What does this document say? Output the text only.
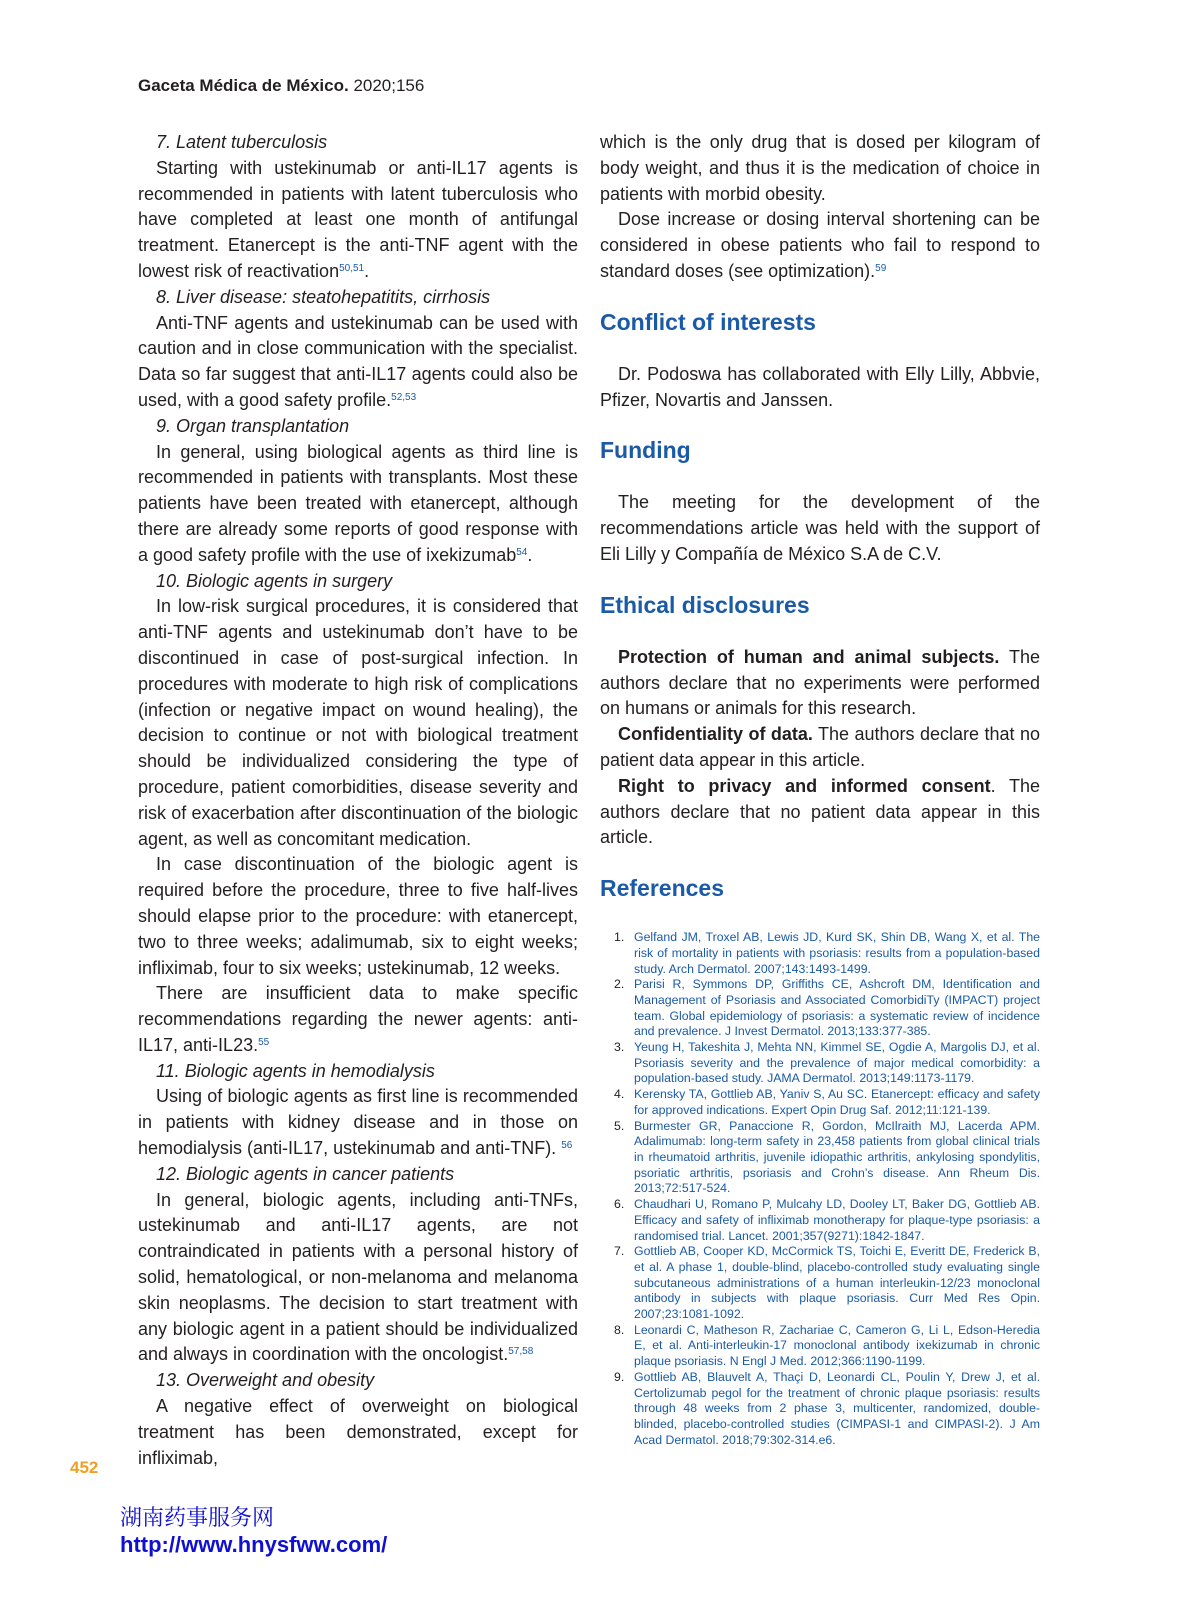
Gaceta Médica de México. 2020;156

7. Latent tuberculosis

Starting with ustekinumab or anti-IL17 agents is recommended in patients with latent tuberculosis who have completed at least one month of antifungal treatment. Etanercept is the anti-TNF agent with the lowest risk of reactivation$^{50,51}$.

8. Liver disease: steatohepatitits, cirrhosis

Anti-TNF agents and ustekinumab can be used with caution and in close communication with the specialist. Data so far suggest that anti-IL17 agents could also be used, with a good safety profile.$^{52,53}$

9. Organ transplantation

In general, using biological agents as third line is recommended in patients with transplants. Most these patients have been treated with etanercept, although there are already some reports of good response with a good safety profile with the use of ixekizumab$^{54}$.

10. Biologic agents in surgery

In low-risk surgical procedures, it is considered that anti-TNF agents and ustekinumab don’t have to be discontinued in case of post-surgical infection. In procedures with moderate to high risk of complications (infection or negative impact on wound healing), the decision to continue or not with biological treatment should be individualized considering the type of procedure, patient comorbidities, disease severity and risk of exacerbation after discontinuation of the biologic agent, as well as concomitant medication.

In case discontinuation of the biologic agent is required before the procedure, three to five half-lives should elapse prior to the procedure: with etanercept, two to three weeks; adalimumab, six to eight weeks; infliximab, four to six weeks; ustekinumab, 12 weeks.

There are insufficient data to make specific recommendations regarding the newer agents: anti-IL17, anti-IL23.55

11. Biologic agents in hemodialysis

Using of biologic agents as first line is recommended in patients with kidney disease and in those on hemodialysis (anti-IL17, ustekinumab and anti-TNF). $^{56}$

12. Biologic agents in cancer patients

In general, biologic agents, including anti-TNFs, ustekinumab and anti-IL17 agents, are not contraindicated in patients with a personal history of solid, hematological, or non-melanoma and melanoma skin neoplasms. The decision to start treatment with any biologic agent in a patient should be individualized and always in coordination with the oncologist.$^{57,58}$

13. Overweight and obesity

A negative effect of overweight on biological treatment has been demonstrated, except for infliximab,

which is the only drug that is dosed per kilogram of body weight, and thus it is the medication of choice in patients with morbid obesity.

Dose increase or dosing interval shortening can be considered in obese patients who fail to respond to standard doses (see optimization).$^{59}$

Conflict of interests

Dr. Podoswa has collaborated with Elly Lilly, Abbvie, Pfizer, Novartis and Janssen.

Funding

The meeting for the development of the recommendations article was held with the support of Eli Lilly y Compañía de México S.A de C.V.

Ethical disclosures

Protection of human and animal subjects. The authors declare that no experiments were performed on humans or animals for this research.

Confidentiality of data. The authors declare that no patient data appear in this article.

Right to privacy and informed consent. The authors declare that no patient data appear in this article.

References
1. Gelfand JM, Troxel AB, Lewis JD, Kurd SK, Shin DB, Wang X, et al. The risk of mortality in patients with psoriasis: results from a population-based study. Arch Dermatol. 2007;143:1493-1499.
2. Parisi R, Symmons DP, Griffiths CE, Ashcroft DM, Identification and Management of Psoriasis and Associated ComorbidiTy (IMPACT) project team. Global epidemiology of psoriasis: a systematic review of incidence and prevalence. J Invest Dermatol. 2013;133:377-385.
3. Yeung H, Takeshita J, Mehta NN, Kimmel SE, Ogdie A, Margolis DJ, et al. Psoriasis severity and the prevalence of major medical comorbidity: a population-based study. JAMA Dermatol. 2013;149:1173-1179.
4. Kerensky TA, Gottlieb AB, Yaniv S, Au SC. Etanercept: efficacy and safety for approved indications. Expert Opin Drug Saf. 2012;11:121-139.
5. Burmester GR, Panaccione R, Gordon, McIlraith MJ, Lacerda APM. Adalimumab: long-term safety in 23,458 patients from global clinical trials in rheumatoid arthritis, juvenile idiopathic arthritis, ankylosing spondylitis, psoriatic arthritis, psoriasis and Crohn’s disease. Ann Rheum Dis. 2013;72:517-524.
6. Chaudhari U, Romano P, Mulcahy LD, Dooley LT, Baker DG, Gottlieb AB. Efficacy and safety of infliximab monotherapy for plaque-type psoriasis: a randomised trial. Lancet. 2001;357(9271):1842-1847.
7. Gottlieb AB, Cooper KD, McCormick TS, Toichi E, Everitt DE, Frederick B, et al. A phase 1, double-blind, placebo-controlled study evaluating single subcutaneous administrations of a human interleukin-12/23 monoclonal antibody in subjects with plaque psoriasis. Curr Med Res Opin. 2007;23:1081-1092.
8. Leonardi C, Matheson R, Zachariae C, Cameron G, Li L, Edson-Heredia E, et al. Anti-interleukin-17 monoclonal antibody ixekizumab in chronic plaque psoriasis. N Engl J Med. 2012;366:1190-1199.
9. Gottlieb AB, Blauvelt A, Thaçi D, Leonardi CL, Poulin Y, Drew J, et al. Certolizumab pegol for the treatment of chronic plaque psoriasis: results through 48 weeks from 2 phase 3, multicenter, randomized, double-blinded, placebo-controlled studies (CIMPASI-1 and CIMPASI-2). J Am Acad Dermatol. 2018;79:302-314.e6.
452
湖南药事服务网
http://www.hnysfww.com/
